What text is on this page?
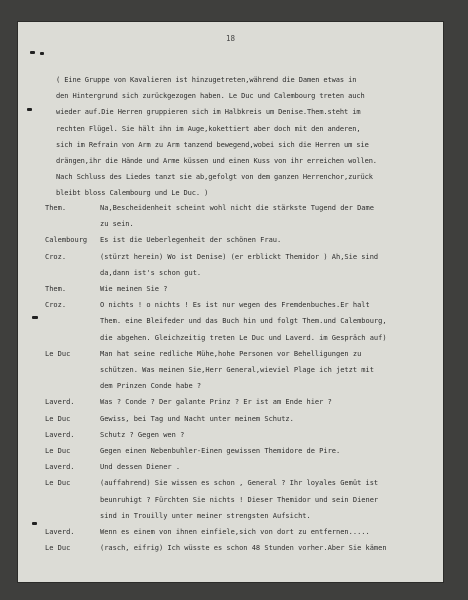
18
( Eine Gruppe von Kavalieren ist hinzugetreten,während die Damen etwas in
den Hintergrund sich zurückgezogen haben. Le Duc und Calembourg treten auch
wieder auf.Die Herren gruppieren sich im Halbkreis um Denise.Them.steht im
rechten Flügel. Sie hält ihn im Auge,kokettiert aber doch mit den anderen,
sich im Refrain von Arm zu Arm tanzend bewegend,wobei sich die Herren um sie
drängen,ihr die Hände und Arme küssen und einen Kuss von ihr erreichen wollen.
Nach Schluss des Liedes tanzt sie ab,gefolgt von dem ganzen Herrenchor,zurück
bleibt bloss Calembourg und Le Duc. )
Them.	Na,Bescheidenheit scheint wohl nicht die stärkste Tugend der Dame
zu sein.
Calembourg	Es ist die Ueberlegenheit der schönen Frau.
Croz.	(stürzt herein) Wo ist Denise) (er erblickt Themidor ) Ah,Sie sind
da,dann ist's schon gut.
Them.	Wie meinen Sie ?
Croz.	O nichts ! o nichts ! Es ist nur wegen des Fremdenbuches.Er halt
Them. eine Bleifeder und das Buch hin und folgt Them.und Calembourg,
die abgehen. Gleichzeitig treten Le Duc und Laverd. im Gespräch auf)
Le Duc	Man hat seine redliche Mühe,hohe Personen vor Behelligungen zu
schützen. Was meinen Sie,Herr General,wieviel Plage ich jetzt mit
dem Prinzen Conde habe ?
Laverd.	Was ? Conde ? Der galante Prinz ? Er ist am Ende hier ?
Le Duc	Gewiss, bei Tag und Nacht unter meinem Schutz.
Laverd.	Schutz ? Gegen wen ?
Le Duc	Gegen einen Nebenbuhler-Einen gewissen Themidore de Pire.
Laverd.	Und dessen Diener .
Le Duc	(auffahrend) Sie wissen es schon , General ? Ihr loyales Gemüt ist
beunruhigt ? Fürchten Sie nichts ! Dieser Themidor und sein Diener
sind in Trouilly unter meiner strengsten Aufsicht.
Laverd.	Wenn es einem von ihnen einfiele,sich von dort zu entfernen.....
Le Duc	(rasch, eifrig) Ich wüsste es schon 48 Stunden vorher.Aber Sie kämen
